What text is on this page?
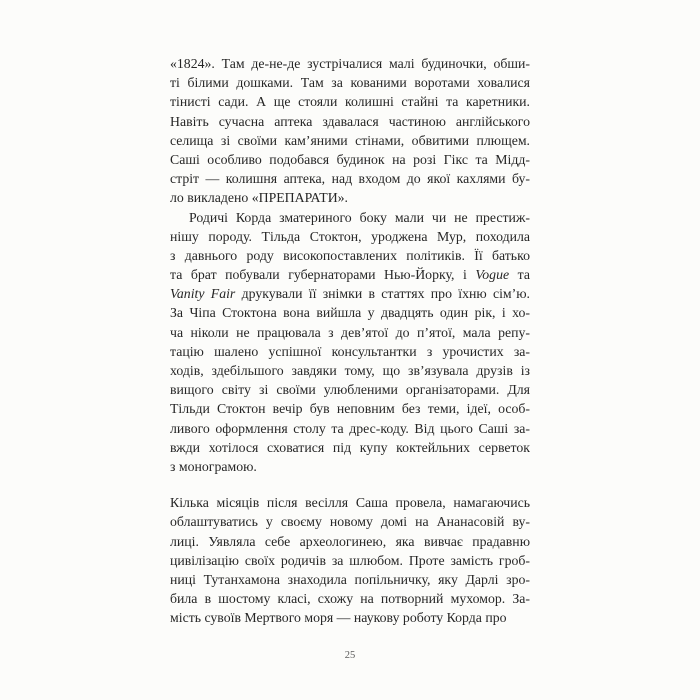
«1824». Там де-не-де зустрічалися малі будиночки, обши-
ті білими дошками. Там за кованими воротами ховалися
тінисті сади. А ще стояли колишні стайні та каретники.
Навіть сучасна аптека здавалася частиною англійського
селища зі своїми кам’яними стінами, обвитими плющем.
Саші особливо подобався будинок на розі Гікс та Мідд-
стріт — колишня аптека, над входом до якої кахлями бу-
ло викладено «ПРЕПАРАТИ».
Родичі Корда зматериного боку мали чи не престиж-
нішу породу. Тільда Стоктон, уроджена Мур, походила
з давнього роду високопоставлених політиків. Її батько
та брат побували губернаторами Нью-Йорку, і Vogue та
Vanity Fair друкували її знімки в статтях про їхню сім’ю.
За Чіпа Стоктона вона вийшла у двадцять один рік, і хо-
ча ніколи не працювала з дев’ятої до п’ятої, мала репу-
тацію шалено успішної консультантки з урочистих за-
ходів, здебільшого завдяки тому, що зв’язувала друзів із
вищого світу зі своїми улюбленими організаторами. Для
Тільди Стоктон вечір був неповним без теми, ідеї, особ-
ливого оформлення столу та дрес-коду. Від цього Саші за-
вжди хотілося сховатися під купу коктейльних серветок
з монограмою.
Кілька місяців після весілля Саша провела, намагаючись
облаштуватись у своєму новому домі на Ананасовій ву-
лиці. Уявляла себе археологинею, яка вивчає прадавню
цивілізацію своїх родичів за шлюбом. Проте замість гроб-
ниці Тутанхамона знаходила попільничку, яку Дарлі зро-
била в шостому класі, схожу на потворний мухомор. За-
мість сувоїв Мертвого моря — наукову роботу Корда про
25
